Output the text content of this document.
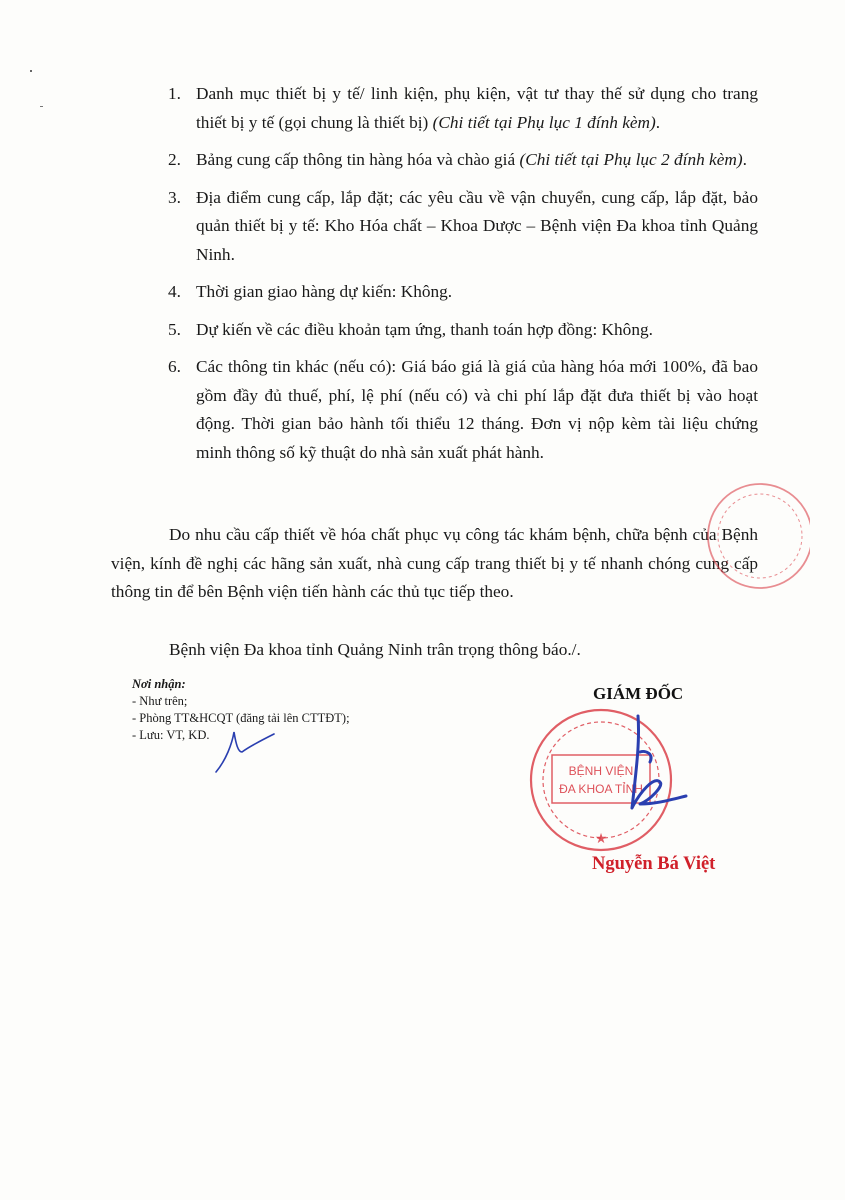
1. Danh mục thiết bị y tế/ linh kiện, phụ kiện, vật tư thay thế sử dụng cho trang thiết bị y tế (gọi chung là thiết bị) (Chi tiết tại Phụ lục 1 đính kèm).
2. Bảng cung cấp thông tin hàng hóa và chào giá (Chi tiết tại Phụ lục 2 đính kèm).
3. Địa điểm cung cấp, lắp đặt; các yêu cầu về vận chuyển, cung cấp, lắp đặt, bảo quản thiết bị y tế: Kho Hóa chất – Khoa Dược – Bệnh viện Đa khoa tỉnh Quảng Ninh.
4. Thời gian giao hàng dự kiến: Không.
5. Dự kiến về các điều khoản tạm ứng, thanh toán hợp đồng: Không.
6. Các thông tin khác (nếu có): Giá báo giá là giá của hàng hóa mới 100%, đã bao gồm đầy đủ thuế, phí, lệ phí (nếu có) và chi phí lắp đặt đưa thiết bị vào hoạt động. Thời gian bảo hành tối thiểu 12 tháng. Đơn vị nộp kèm tài liệu chứng minh thông số kỹ thuật do nhà sản xuất phát hành.

Do nhu cầu cấp thiết về hóa chất phục vụ công tác khám bệnh, chữa bệnh của Bệnh viện, kính đề nghị các hãng sản xuất, nhà cung cấp trang thiết bị y tế nhanh chóng cung cấp thông tin để bên Bệnh viện tiến hành các thủ tục tiếp theo.

Bệnh viện Đa khoa tỉnh Quảng Ninh trân trọng thông báo./.

Nơi nhận:
- Như trên;
- Phòng TT&HCQT (đăng tải lên CTTĐT);
- Lưu: VT, KD.
GIÁM ĐỐC
BỆNH VIỆN
ĐA KHOA TỈNH
★
Nguyễn Bá Việt
